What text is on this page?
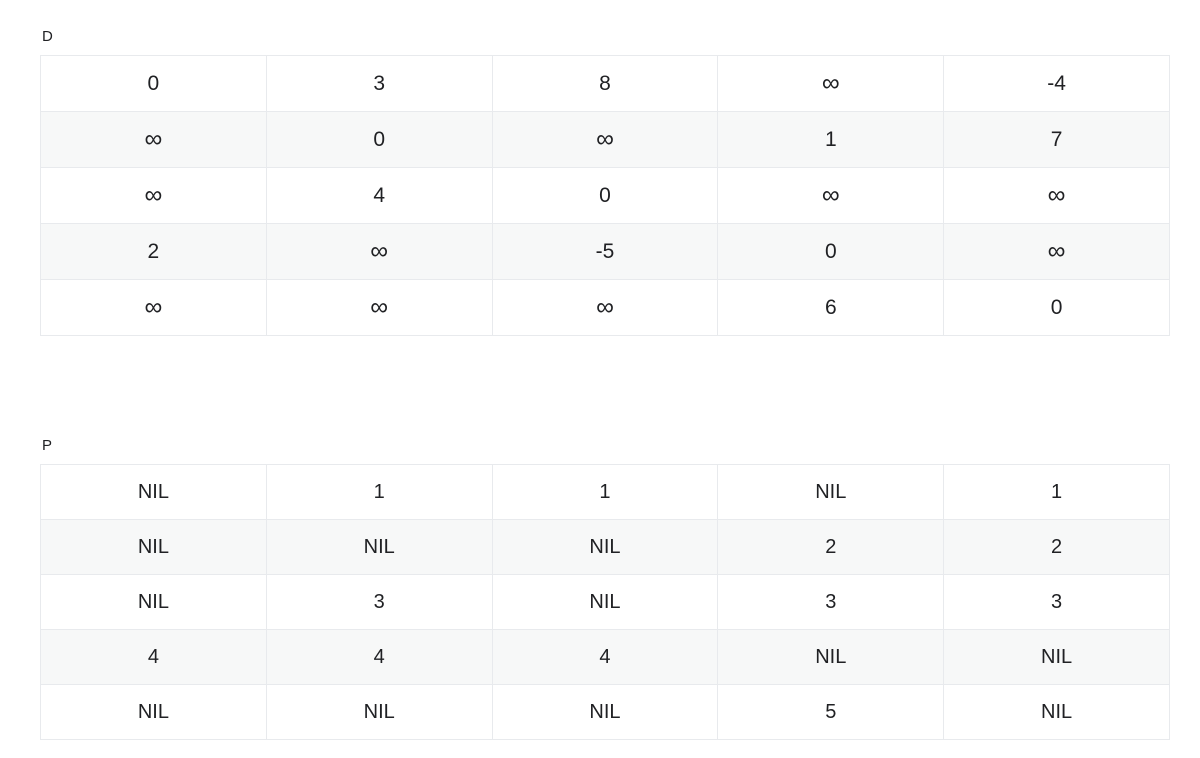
D
0	3	8	∞	-4
∞	0	∞	1	7
∞	4	0	∞	∞
2	∞	-5	0	∞
∞	∞	∞	6	0
P
NIL	1	1	NIL	1
NIL	NIL	NIL	2	2
NIL	3	NIL	3	3
4	4	4	NIL	NIL
NIL	NIL	NIL	5	NIL
